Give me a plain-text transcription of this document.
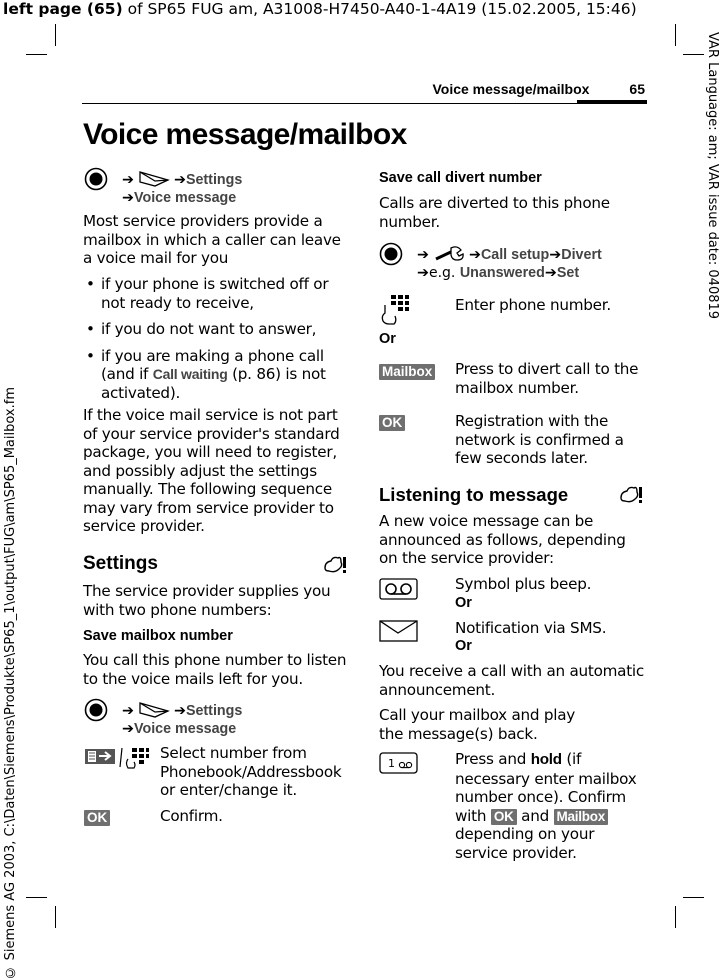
left page (65) of SP65 FUG am, A31008-H7450-A40-1-4A19 (15.02.2005, 15:46)
VAR Language: am; VAR issue date: 040819
© Siemens AG 2003, C:\Daten\Siemens\Produkte\SP65_1\output\FUG\am\SP65_Mailbox.fm
Voice message/mailbox	65
Voice message/mailbox
➔	➔Settings
➔Voice message
Most service providers provide a mailbox in which a caller can leave a voice mail for you
• if your phone is switched off or not ready to receive,
• if you do not want to answer,
• if you are making a phone call (and if Call waiting (p. 86) is not activated).
If the voice mail service is not part of your service provider's standard package, you will need to register, and possibly adjust the settings manually. The following sequence may vary from service provider to service provider.
Settings
The service provider supplies you with two phone numbers:
Save mailbox number
You call this phone number to listen to the voice mails left for you.
➔	➔Settings
➔Voice message
Select number from Phonebook/Addressbook or enter/change it.
OK	Confirm.
Save call divert number
Calls are diverted to this phone number.
➔	➔Call setup➔Divert
➔e.g. Unanswered➔Set
Enter phone number.
Or
Mailbox Press to divert call to the mailbox number.
OK	Registration with the network is confirmed a few seconds later.
Listening to message
A new voice message can be announced as follows, depending on the service provider:
Symbol plus beep.
Or
Notification via SMS.
Or
You receive a call with an automatic announcement.
Call your mailbox and play the message(s) back.
1	Press and hold (if necessary enter mailbox number once). Confirm with OK and Mailbox depending on your service provider.
